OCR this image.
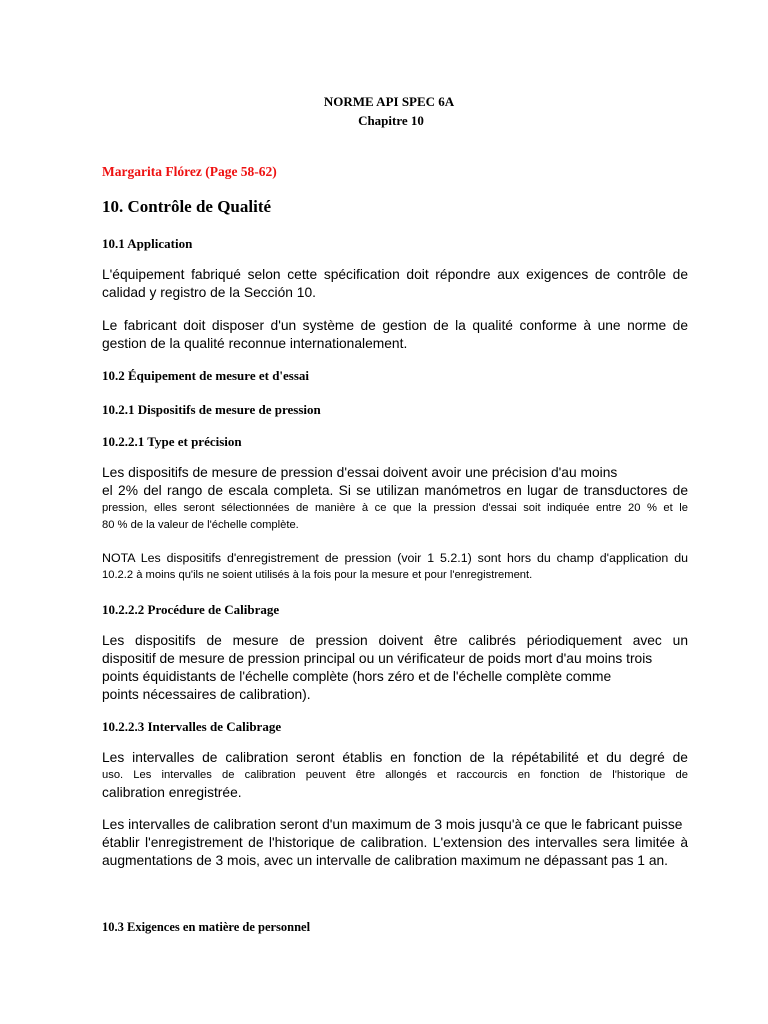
NORME API SPEC 6A

Chapitre 10

Margarita Flórez (Page 58-62)

10. Contrôle de Qualité

10.1 Application

L'équipement fabriqué selon cette spécification doit répondre aux exigences de contrôle de
calidad y registro de la Sección 10.
Le fabricant doit disposer d'un système de gestion de la qualité conforme à une norme de
gestion de la qualité reconnue internationalement.

10.2 Équipement de mesure et d'essai

10.2.1 Dispositifs de mesure de pression

10.2.2.1 Type et précision

Les dispositifs de mesure de pression d'essai doivent avoir une précision d'au moins
el 2% del rango de escala completa. Si se utilizan manómetros en lugar de transductores de
pression, elles seront sélectionnées de manière à ce que la pression d'essai soit indiquée entre 20 % et le
80 % de la valeur de l'échelle complète.
NOTA Les dispositifs d'enregistrement de pression (voir 1 5.2.1) sont hors du champ d'application du
10.2.2 à moins qu'ils ne soient utilisés à la fois pour la mesure et pour l'enregistrement.

10.2.2.2 Procédure de Calibrage

Les dispositifs de mesure de pression doivent être calibrés périodiquement avec un
dispositif de mesure de pression principal ou un vérificateur de poids mort d'au moins trois
points équidistants de l'échelle complète (hors zéro et de l'échelle complète comme
points nécessaires de calibration).

10.2.2.3 Intervalles de Calibrage

Les intervalles de calibration seront établis en fonction de la répétabilité et du degré de
uso. Les intervalles de calibration peuvent être allongés et raccourcis en fonction de l'historique de
calibration enregistrée.
Les intervalles de calibration seront d'un maximum de 3 mois jusqu'à ce que le fabricant puisse
établir l'enregistrement de l'historique de calibration. L'extension des intervalles sera limitée à
augmentations de 3 mois, avec un intervalle de calibration maximum ne dépassant pas 1 an.

10.3 Exigences en matière de personnel
